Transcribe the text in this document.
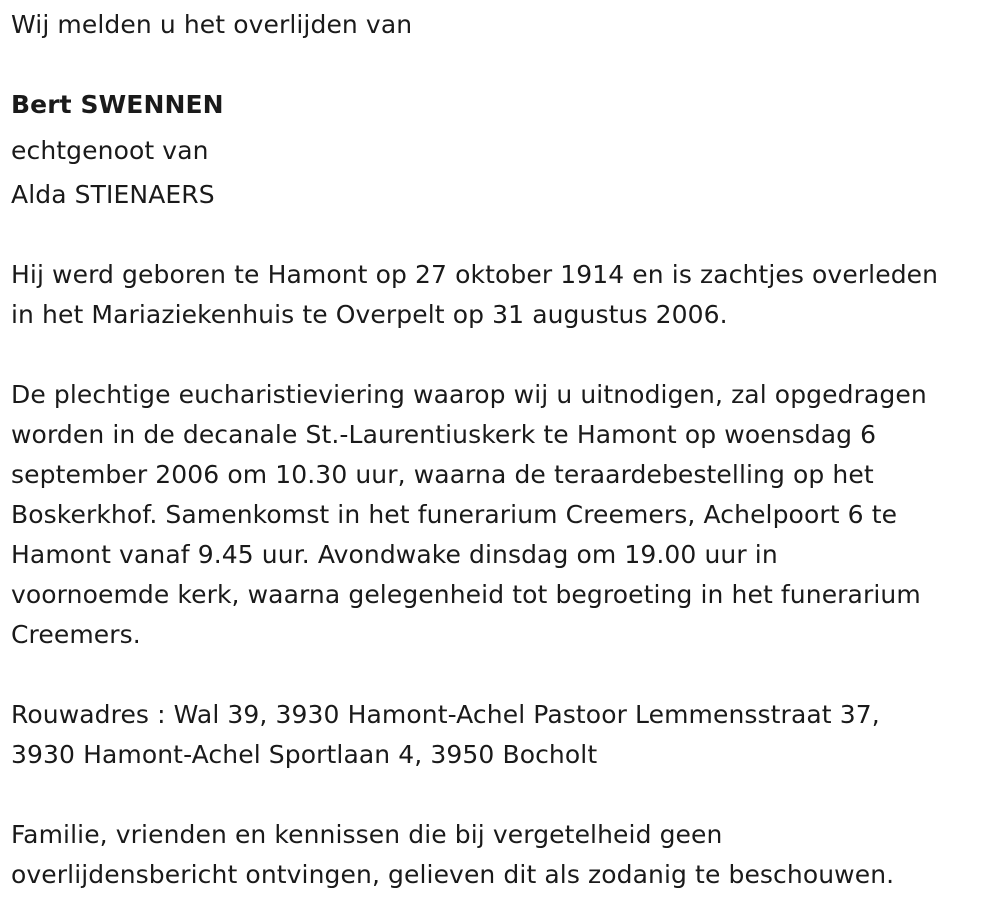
Wij melden u het overlijden van
Bert SWENNEN
echtgenoot van
Alda STIENAERS
Hij werd geboren te Hamont op 27 oktober 1914 en is zachtjes overleden
in het Mariaziekenhuis te Overpelt op 31 augustus 2006.
De plechtige eucharistieviering waarop wij u uitnodigen, zal opgedragen
worden in de decanale St.-Laurentiuskerk te Hamont op woensdag 6
september 2006 om 10.30 uur, waarna de teraardebestelling op het
Boskerkhof. Samenkomst in het funerarium Creemers, Achelpoort 6 te
Hamont vanaf 9.45 uur. Avondwake dinsdag om 19.00 uur in
voornoemde kerk, waarna gelegenheid tot begroeting in het funerarium
Creemers.
Rouwadres : Wal 39, 3930 Hamont-Achel Pastoor Lemmensstraat 37,
3930 Hamont-Achel Sportlaan 4, 3950 Bocholt
Familie, vrienden en kennissen die bij vergetelheid geen
overlijdensbericht ontvingen, gelieven dit als zodanig te beschouwen.
